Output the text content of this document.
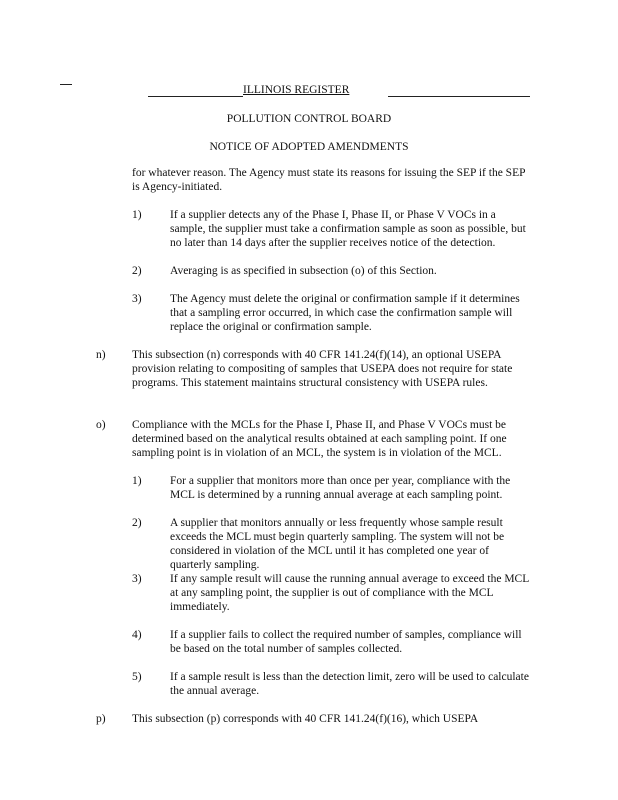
ILLINOIS REGISTER
POLLUTION CONTROL BOARD
NOTICE OF ADOPTED AMENDMENTS
for whatever reason. The Agency must state its reasons for issuing the SEP if the SEP is Agency-initiated.
1) If a supplier detects any of the Phase I, Phase II, or Phase V VOCs in a sample, the supplier must take a confirmation sample as soon as possible, but no later than 14 days after the supplier receives notice of the detection.
2) Averaging is as specified in subsection (o) of this Section.
3) The Agency must delete the original or confirmation sample if it determines that a sampling error occurred, in which case the confirmation sample will replace the original or confirmation sample.
n) This subsection (n) corresponds with 40 CFR 141.24(f)(14), an optional USEPA provision relating to compositing of samples that USEPA does not require for state programs. This statement maintains structural consistency with USEPA rules.
o) Compliance with the MCLs for the Phase I, Phase II, and Phase V VOCs must be determined based on the analytical results obtained at each sampling point. If one sampling point is in violation of an MCL, the system is in violation of the MCL.
1) For a supplier that monitors more than once per year, compliance with the MCL is determined by a running annual average at each sampling point.
2) A supplier that monitors annually or less frequently whose sample result exceeds the MCL must begin quarterly sampling. The system will not be considered in violation of the MCL until it has completed one year of quarterly sampling.
3) If any sample result will cause the running annual average to exceed the MCL at any sampling point, the supplier is out of compliance with the MCL immediately.
4) If a supplier fails to collect the required number of samples, compliance will be based on the total number of samples collected.
5) If a sample result is less than the detection limit, zero will be used to calculate the annual average.
p) This subsection (p) corresponds with 40 CFR 141.24(f)(16), which USEPA
